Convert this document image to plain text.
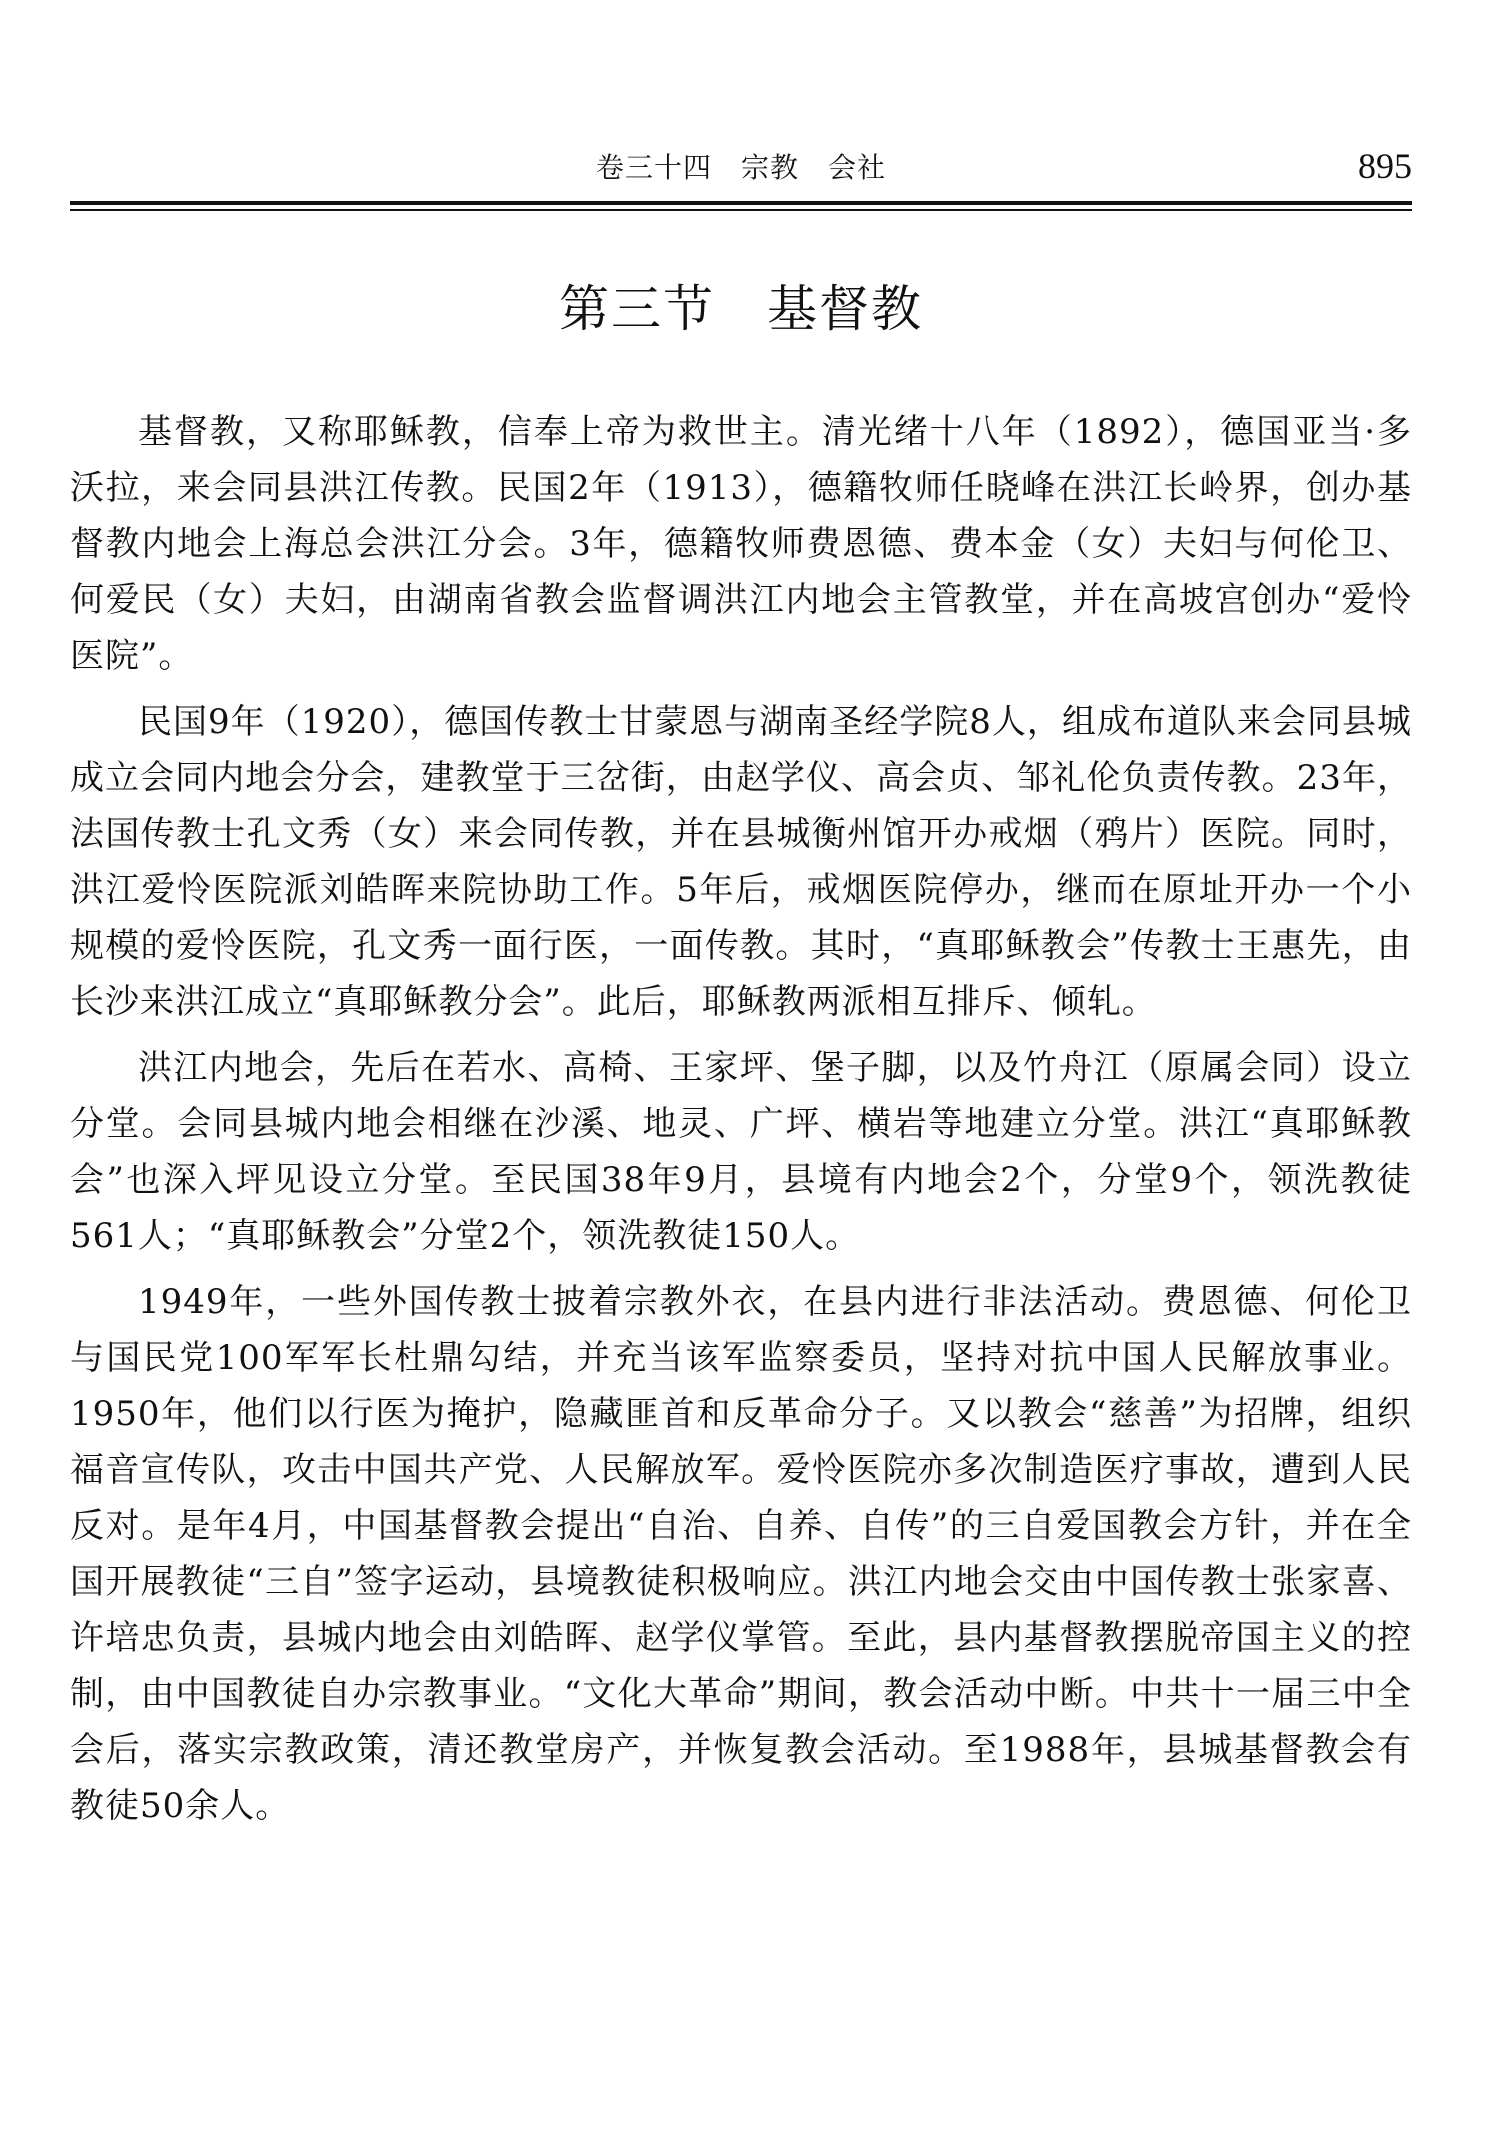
卷三十四　宗教　会社	895
第三节　基督教

基督教，又称耶稣教，信奉上帝为救世主。清光绪十八年（1892），德国亚当·多沃拉，来会同县洪江传教。民国2年（1913），德籍牧师任晓峰在洪江长岭界，创办基督教内地会上海总会洪江分会。3年，德籍牧师费恩德、费本金（女）夫妇与何伦卫、何爱民（女）夫妇，由湖南省教会监督调洪江内地会主管教堂，并在高坡宫创办“爱怜医院”。

民国9年（1920），德国传教士甘蒙恩与湖南圣经学院8人，组成布道队来会同县城成立会同内地会分会，建教堂于三岔街，由赵学仪、高会贞、邹礼伦负责传教。23年，法国传教士孔文秀（女）来会同传教，并在县城衡州馆开办戒烟（鸦片）医院。同时，洪江爱怜医院派刘皓晖来院协助工作。5年后，戒烟医院停办，继而在原址开办一个小规模的爱怜医院，孔文秀一面行医，一面传教。其时，“真耶稣教会”传教士王惠先，由长沙来洪江成立“真耶稣教分会”。此后，耶稣教两派相互排斥、倾轧。

洪江内地会，先后在若水、高椅、王家坪、堡子脚，以及竹舟江（原属会同）设立分堂。会同县城内地会相继在沙溪、地灵、广坪、横岩等地建立分堂。洪江“真耶稣教会”也深入坪见设立分堂。至民国38年9月，县境有内地会2个，分堂9个，领洗教徒561人；“真耶稣教会”分堂2个，领洗教徒150人。

1949年，一些外国传教士披着宗教外衣，在县内进行非法活动。费恩德、何伦卫与国民党100军军长杜鼎勾结，并充当该军监察委员，坚持对抗中国人民解放事业。1950年，他们以行医为掩护，隐藏匪首和反革命分子。又以教会“慈善”为招牌，组织福音宣传队，攻击中国共产党、人民解放军。爱怜医院亦多次制造医疗事故，遭到人民反对。是年4月，中国基督教会提出“自治、自养、自传”的三自爱国教会方针，并在全国开展教徒“三自”签字运动，县境教徒积极响应。洪江内地会交由中国传教士张家喜、许培忠负责，县城内地会由刘皓晖、赵学仪掌管。至此，县内基督教摆脱帝国主义的控制，由中国教徒自办宗教事业。“文化大革命”期间，教会活动中断。中共十一届三中全会后，落实宗教政策，清还教堂房产，并恢复教会活动。至1988年，县城基督教会有教徒50余人。
